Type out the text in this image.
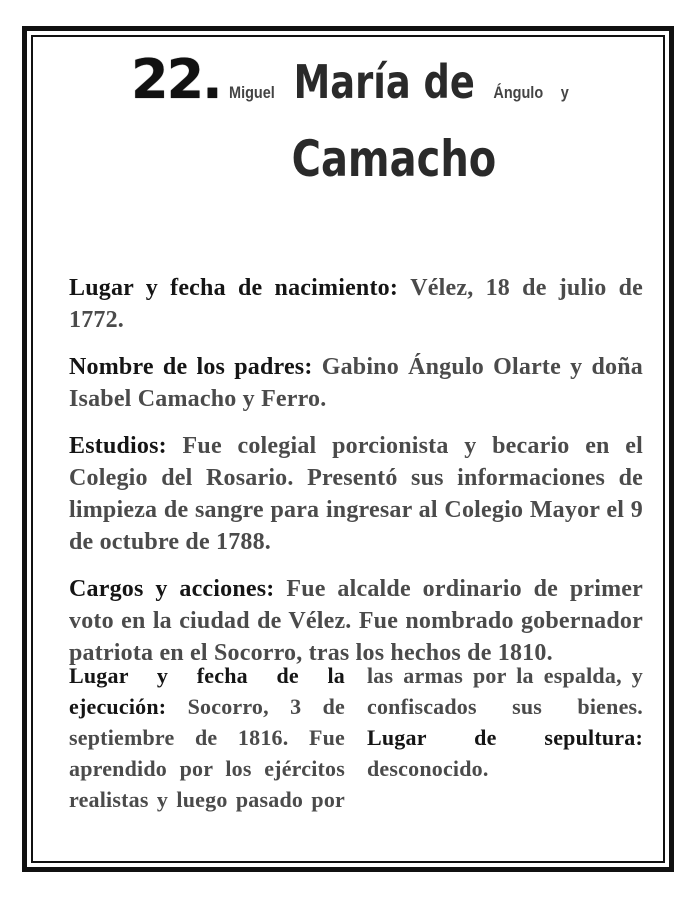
22. Miguel María de Ángulo y
Camacho

Lugar y fecha de nacimiento: Vélez, 18 de julio de 1772.

Nombre de los padres: Gabino Ángulo Olarte y doña Isabel Camacho y Ferro.

Estudios: Fue colegial porcionista y becario en el Colegio del Rosario. Presentó sus informaciones de limpieza de sangre para ingresar al Colegio Mayor el 9 de octubre de 1788.

Cargos y acciones: Fue alcalde ordinario de primer voto en la ciudad de Vélez. Fue nombrado gobernador patriota en el Socorro, tras los hechos de 1810.

Lugar y fecha de la ejecución: Socorro, 3 de septiembre de 1816. Fue aprendido por los ejércitos realistas y luego pasado por las armas por la espalda, y confiscados sus bienes. Lugar de sepultura: desconocido.
